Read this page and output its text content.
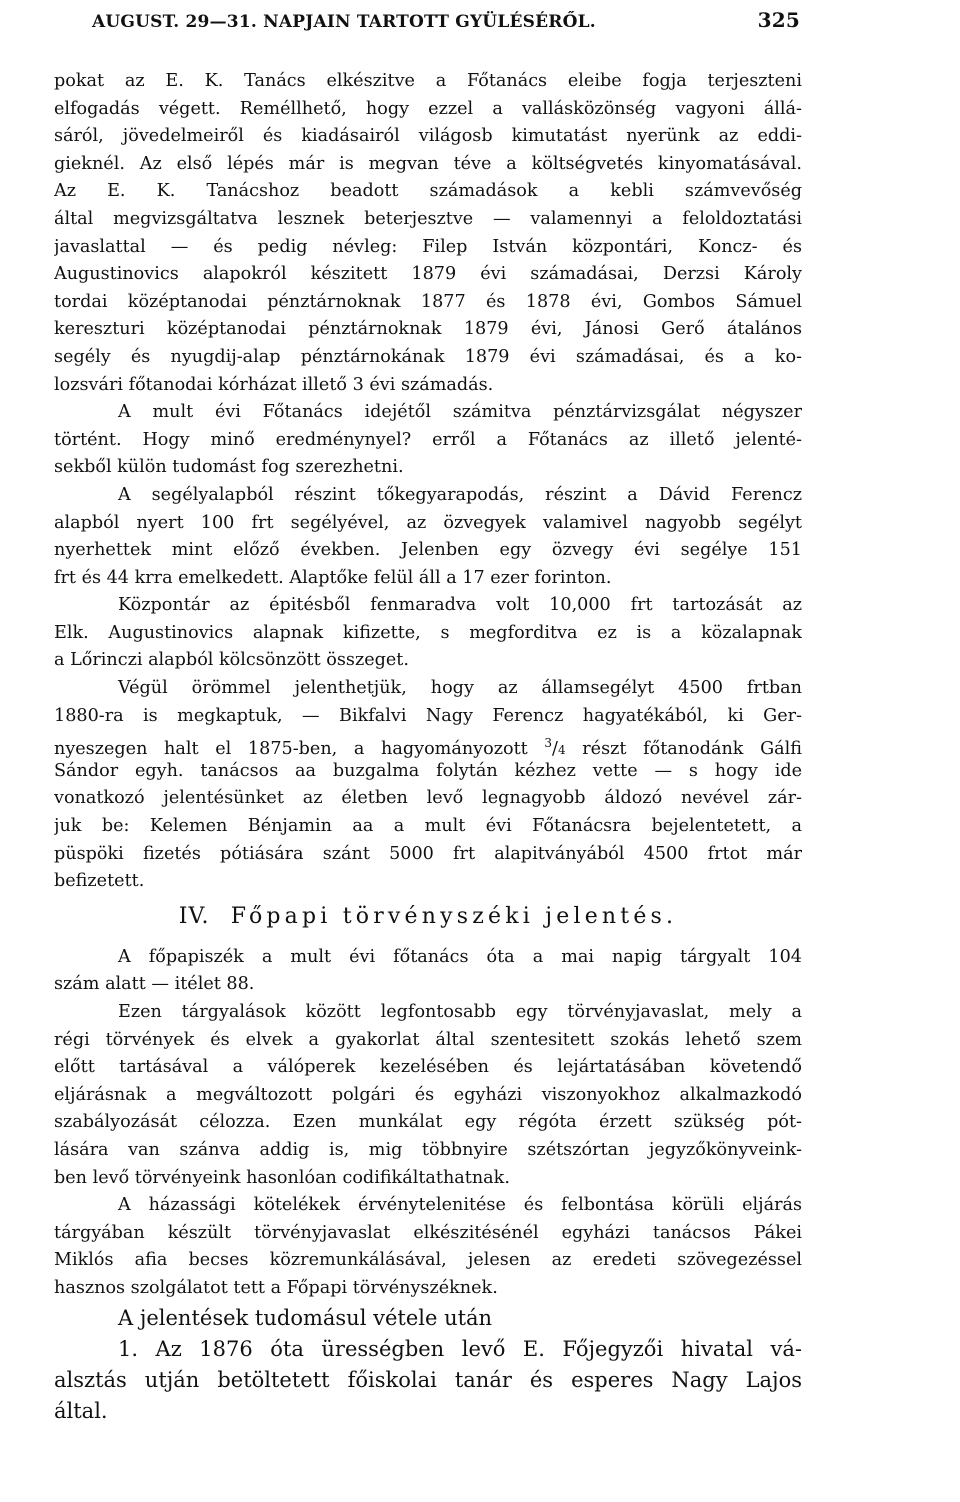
AUGUST. 29—31. NAPJAIN TARTOTT GYÜLÉSÉRŐL.	325
pokat az E. K. Tanács elkészitve a Főtanács eleibe fogja terjeszteni
elfogadás végett. Reméllhető, hogy ezzel a vallásközönség vagyoni állá-
sáról, jövedelmeiről és kiadásairól világosb kimutatást nyerünk az eddi-
gieknél. Az első lépés már is megvan téve a költségvetés kinyomatásával.
Az E. K. Tanácshoz beadott számadások a kebli számvevőség
által megvizsgáltatva lesznek beterjesztve — valamennyi a feloldoztatási
javaslattal — és pedig névleg: Filep István központári, Koncz- és
Augustinovics alapokról készitett 1879 évi számadásai, Derzsi Károly
tordai középtanodai pénztárnoknak 1877 és 1878 évi, Gombos Sámuel
kereszturi középtanodai pénztárnoknak 1879 évi, Jánosi Gerő átalános
segély és nyugdij-alap pénztárnokának 1879 évi számadásai, és a ko-
lozsvári főtanodai kórházat illető 3 évi számadás.
A mult évi Főtanács idejétől számitva pénztárvizsgálat négyszer
történt. Hogy minő eredménynyel? erről a Főtanács az illető jelenté-
sekből külön tudomást fog szerezhetni.
A segélyalapból részint tőkegyarapodás, részint a Dávid Ferencz
alapból nyert 100 frt segélyével, az özvegyek valamivel nagyobb segélyt
nyerhettek mint előző években. Jelenben egy özvegy évi segélye 151
frt és 44 krra emelkedett. Alaptőke felül áll a 17 ezer forinton.
Központár az épitésből fenmaradva volt 10,000 frt tartozását az
Elk. Augustinovics alapnak kifizette, s megforditva ez is a közalapnak
a Lőrinczi alapból kölcsönzött összeget.
Végül örömmel jelenthetjük, hogy az államsegélyt 4500 frtban
1880-ra is megkaptuk, — Bikfalvi Nagy Ferencz hagyatékából, ki Ger-
nyeszegen halt el 1875-ben, a hagyományozott $^3$/4 részt főtanodánk Gálfi
Sándor egyh. tanácsos aa buzgalma folytán kézhez vette — s hogy ide
vonatkozó jelentésünket az életben levő legnagyobb áldozó nevével zár-
juk be: Kelemen Bénjamin aa a mult évi Főtanácsra bejelentetett, a
püspöki fizetés pótiására szánt 5000 frt alapitványából 4500 frtot már
befizetett.
IV. Főpapi törvényszéki jelentés.
A főpapiszék a mult évi főtanács óta a mai napig tárgyalt 104
szám alatt — itélet 88.
Ezen tárgyalások között legfontosabb egy törvényjavaslat, mely a
régi törvények és elvek a gyakorlat által szentesitett szokás lehető szem
előtt tartásával a válóperek kezelésében és lejártatásában követendő
eljárásnak a megváltozott polgári és egyházi viszonyokhoz alkalmazkodó
szabályozását célozza. Ezen munkálat egy régóta érzett szükség pót-
lására van szánva addig is, mig többnyire szétszórtan jegyzőkönyveink-
ben levő törvényeink hasonlóan codifikáltathatnak.
A házassági kötelékek érvénytelenitése és felbontása körüli eljárás
tárgyában készült törvényjavaslat elkészitésénél egyházi tanácsos Pákei
Miklós afia becses közremunkálásával, jelesen az eredeti szövegezéssel
hasznos szolgálatot tett a Főpapi törvényszéknek.
A jelentések tudomásul vétele után
1. Az 1876 óta ürességben levő E. Főjegyzői hivatal vá-
alsztás utján betöltetett főiskolai tanár és esperes Nagy Lajos
által.
